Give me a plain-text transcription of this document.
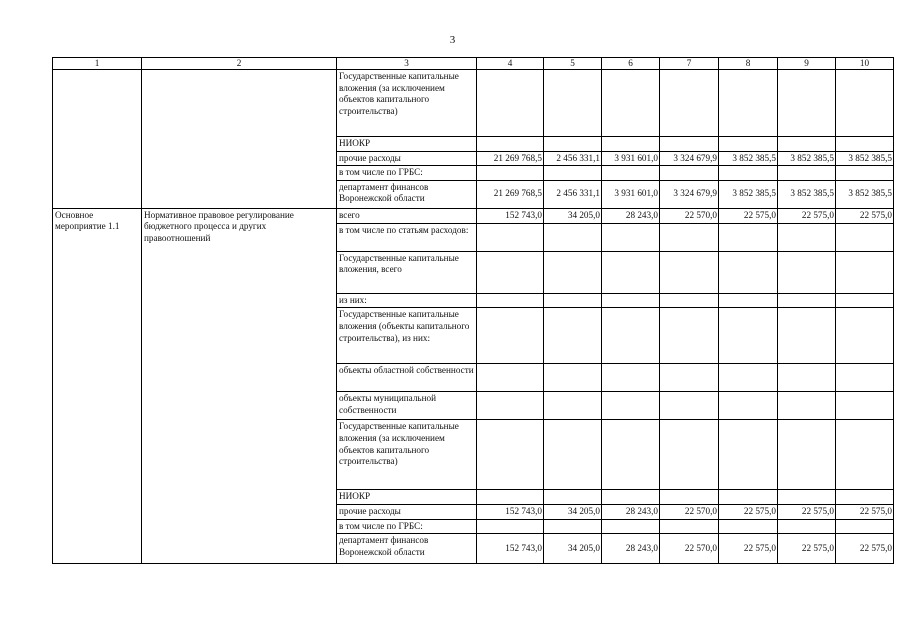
3
1	2	3	4	5	6	7	8	9	10
		Государственные капитальные вложения (за исключением объектов капитального строительства)							
		НИОКР							
		прочие расходы	21 269 768,5	2 456 331,1	3 931 601,0	3 324 679,9	3 852 385,5	3 852 385,5	3 852 385,5
		в том числе по ГРБС:							
		департамент финансов Воронежской области	21 269 768,5	2 456 331,1	3 931 601,0	3 324 679,9	3 852 385,5	3 852 385,5	3 852 385,5
Основное мероприятие 1.1	Нормативное правовое регулирование бюджетного процесса и других правоотношений	всего	152 743,0	34 205,0	28 243,0	22 570,0	22 575,0	22 575,0	22 575,0
		в том числе по статьям расходов:							
		Государственные капитальные вложения, всего							
		из них:							
		Государственные капитальные вложения (объекты капитального строительства), из них:							
		объекты областной собственности							
		объекты муниципальной собственности							
		Государственные капитальные вложения (за исключением объектов капитального строительства)							
		НИОКР							
		прочие расходы	152 743,0	34 205,0	28 243,0	22 570,0	22 575,0	22 575,0	22 575,0
		в том числе по ГРБС:							
		департамент финансов Воронежской области	152 743,0	34 205,0	28 243,0	22 570,0	22 575,0	22 575,0	22 575,0
